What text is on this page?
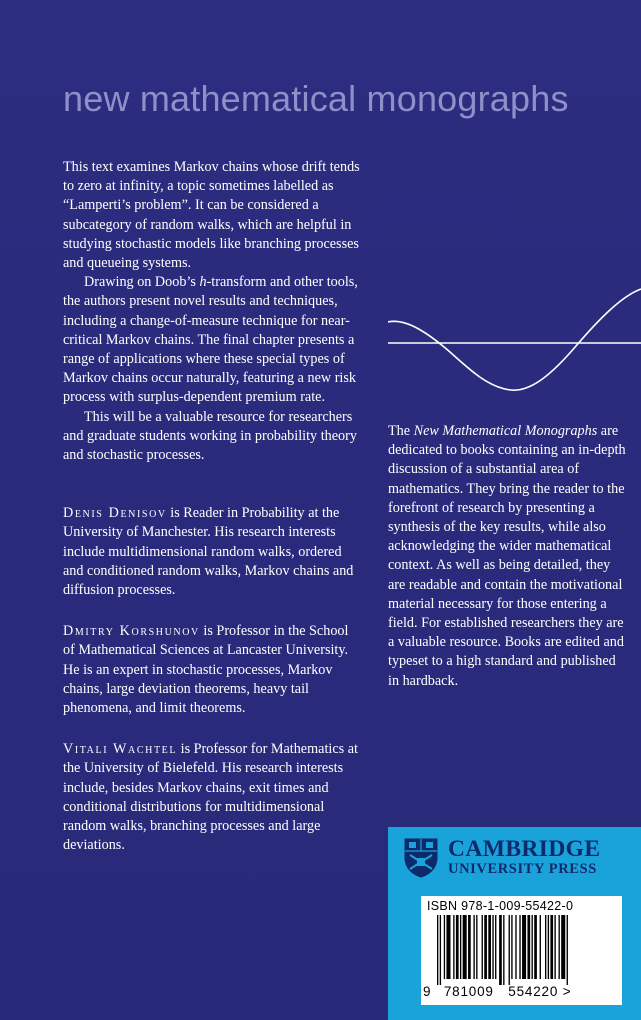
new mathematical monographs

This text examines Markov chains whose drift tends to zero at infinity, a topic sometimes labelled as “Lamperti’s problem”. It can be considered a subcategory of random walks, which are helpful in studying stochastic models like branching processes and queueing systems.

Drawing on Doob’s h-transform and other tools, the authors present novel results and techniques, including a change-of-measure technique for near-critical Markov chains. The final chapter presents a range of applications where these special types of Markov chains occur naturally, featuring a new risk process with surplus-dependent premium rate.

This will be a valuable resource for researchers and graduate students working in probability theory and stochastic processes.

Denis Denisov is Reader in Probability at the University of Manchester. His research interests include multidimensional random walks, ordered and conditioned random walks, Markov chains and diffusion processes.

Dmitry Korshunov is Professor in the School of Mathematical Sciences at Lancaster University. He is an expert in stochastic processes, Markov chains, large deviation theorems, heavy tail phenomena, and limit theorems.

Vitali Wachtel is Professor for Mathematics at the University of Bielefeld. His research interests include, besides Markov chains, exit times and conditional distributions for multidimensional random walks, branching processes and large deviations.

The New Mathematical Monographs are dedicated to books containing an in-depth discussion of a substantial area of mathematics. They bring the reader to the forefront of research by presenting a synthesis of the key results, while also acknowledging the wider mathematical context. As well as being detailed, they are readable and contain the motivational material necessary for those entering a field. For established researchers they are a valuable resource. Books are edited and typeset to a high standard and published in hardback.

CAMBRIDGE
UNIVERSITY PRESS
ISBN 978-1-009-55422-0
9 781009 554220 >
